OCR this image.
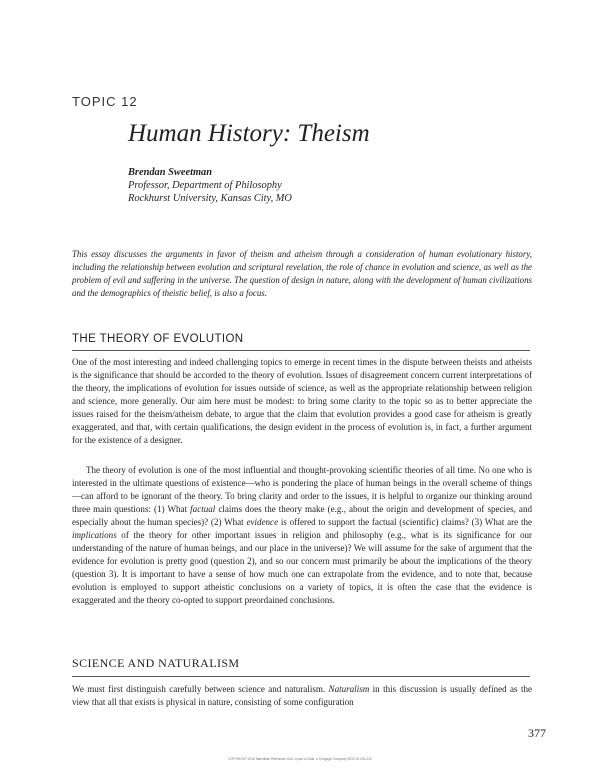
TOPIC 12
Human History: Theism
Brendan Sweetman
Professor, Department of Philosophy
Rockhurst University, Kansas City, MO

This essay discusses the arguments in favor of theism and atheism through a consideration of human evolutionary history, including the relationship between evolution and scriptural revelation, the role of chance in evolution and science, as well as the problem of evil and suffering in the universe. The question of design in nature, along with the development of human civilizations and the demographics of theistic belief, is also a focus.

THE THEORY OF EVOLUTION

One of the most interesting and indeed challenging topics to emerge in recent times in the dispute between theists and atheists is the significance that should be accorded to the theory of evolution. Issues of disagreement concern current interpretations of the theory, the implications of evolution for issues outside of science, as well as the appropriate relationship between religion and science, more generally. Our aim here must be modest: to bring some clarity to the topic so as to better appreciate the issues raised for the theism/atheism debate, to argue that the claim that evolution provides a good case for atheism is greatly exaggerated, and that, with certain qualifications, the design evident in the process of evolution is, in fact, a further argument for the existence of a designer.

The theory of evolution is one of the most influential and thought-provoking scientific theories of all time. No one who is interested in the ultimate questions of existence—who is pondering the place of human beings in the overall scheme of things—can afford to be ignorant of the theory. To bring clarity and order to the issues, it is helpful to organize our thinking around three main questions: (1) What factual claims does the theory make (e.g., about the origin and development of species, and especially about the human species)? (2) What evidence is offered to support the factual (scientific) claims? (3) What are the implications of the theory for other important issues in religion and philosophy (e.g., what is its significance for our understanding of the nature of human beings, and our place in the universe)? We will assume for the sake of argument that the evidence for evolution is pretty good (question 2), and so our concern must primarily be about the implications of the theory (question 3). It is important to have a sense of how much one can extrapolate from the evidence, and to note that, because evolution is employed to support atheistic conclusions on a variety of topics, it is often the case that the evidence is exaggerated and the theory co-opted to support preordained conclusions.

SCIENCE AND NATURALISM

We must first distinguish carefully between science and naturalism. Naturalism in this discussion is usually defined as the view that all that exists is physical in nature, consisting of some configuration

377
COPYRIGHT 2016 Macmillan Reference USA, a part of Gale, a Cengage Company WCN 02-200-210
